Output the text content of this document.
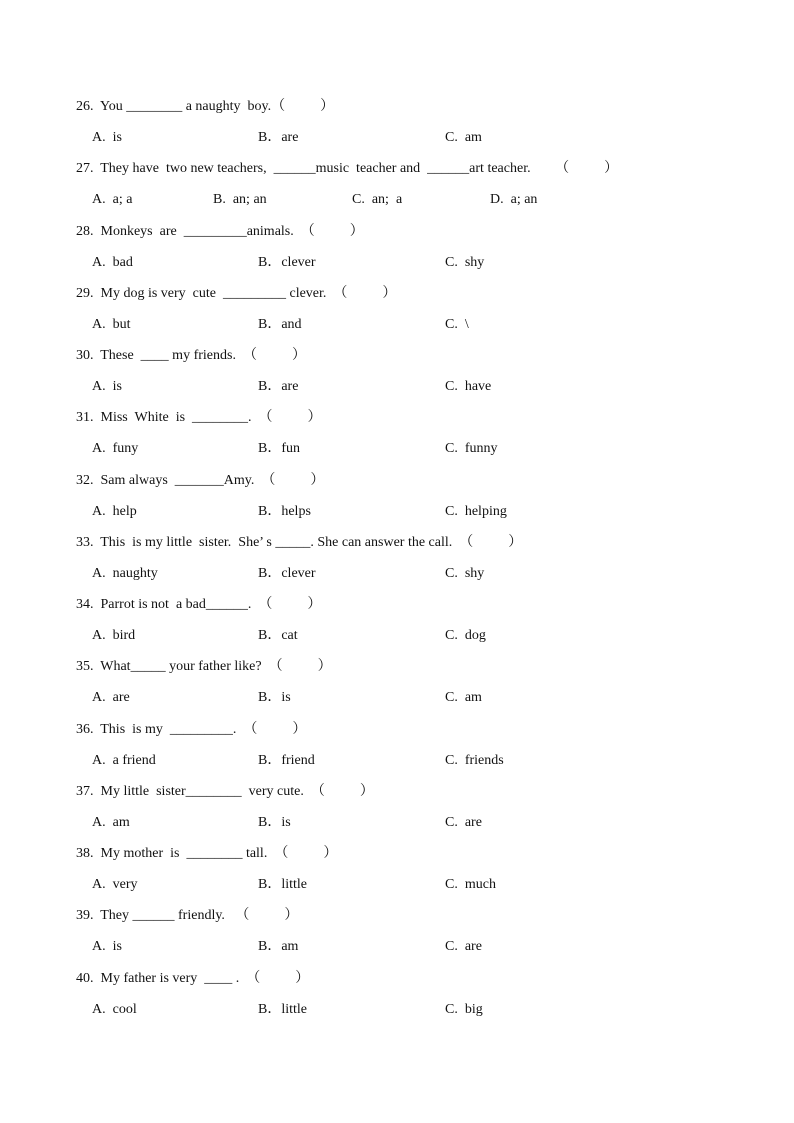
26.  You ________ a naughty  boy.（          ）
A.  is	B．are	C.  am
27.  They have  two new teachers,  ______music  teacher and  ______art teacher.       （          ）
A.  a; a	B.  an; an	C.  an;  a	D.  a; an
28.  Monkeys  are  _________animals.  （          ）
A.  bad	B．clever	C.  shy
29.  My dog is very  cute  _________ clever.  （          ）
A.  but	B．and	C.  \
30.  These  ____ my friends.  （          ）
A.  is	B．are	C.  have
31.  Miss  White  is  ________.  （          ）
A.  funy	B．fun	C.  funny
32.  Sam always  _______Amy.  （          ）
A.  help	B．helps	C.  helping
33.  This  is my little  sister.  She’ s _____. She can answer the call.  （          ）
A.  naughty	B．clever	C.  shy
34.  Parrot is not  a bad______.  （          ）
A.  bird	B．cat	C.  dog
35.  What_____ your father like?  （          ）
A.  are	B．is	C.  am
36.  This  is my  _________.  （          ）
A.  a friend	B．friend	C.  friends
37.  My little  sister________  very cute.  （          ）
A.  am	B．is	C.  are
38.  My mother  is  ________ tall.  （          ）
A.  very	B．little	C.  much
39.  They ______ friendly.   （          ）
A.  is	B．am	C.  are
40.  My father is very  ____ .  （          ）
A.  cool	B．little	C.  big
